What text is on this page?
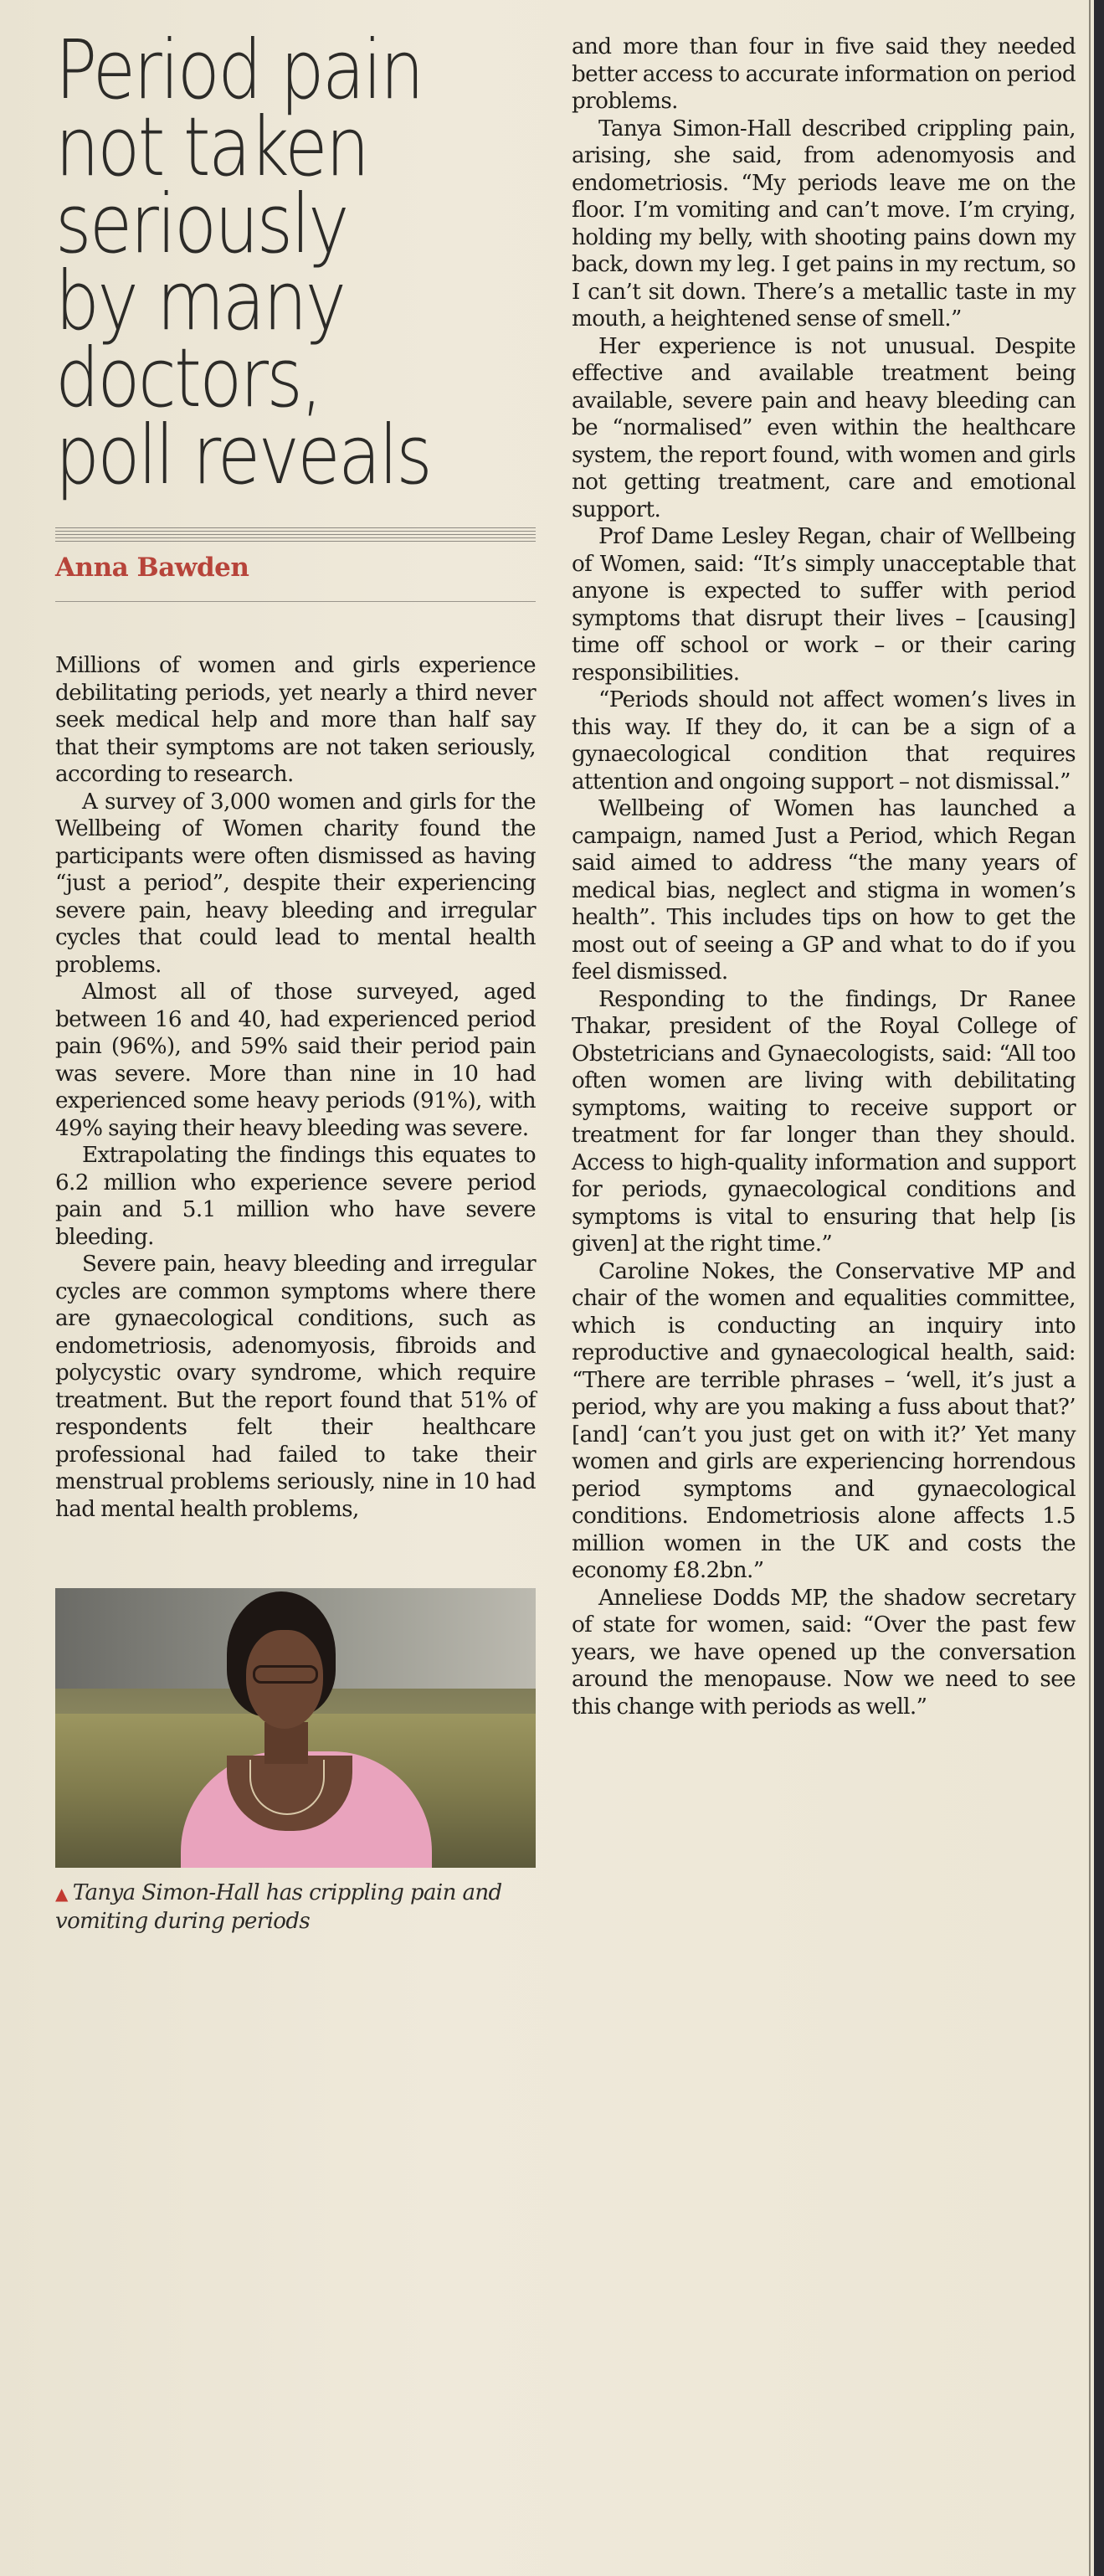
Period pain
not taken
seriously
by many
doctors,
poll reveals
Anna Bawden

Millions of women and girls experience debilitating periods, yet nearly a third never seek medical help and more than half say that their symptoms are not taken seriously, according to research.

A survey of 3,000 women and girls for the Wellbeing of Women charity found the participants were often dismissed as having “just a period”, despite their experiencing severe pain, heavy bleeding and irregular cycles that could lead to mental health problems.

Almost all of those surveyed, aged between 16 and 40, had experienced period pain (96%), and 59% said their period pain was severe. More than nine in 10 had experienced some heavy periods (91%), with 49% saying their heavy bleeding was severe.

Extrapolating the findings this equates to 6.2 million who experience severe period pain and 5.1 million who have severe bleeding.

Severe pain, heavy bleeding and irregular cycles are common symptoms where there are gynaecological conditions, such as endometriosis, adenomyosis, fibroids and polycystic ovary syndrome, which require treatment. But the report found that 51% of respondents felt their healthcare professional had failed to take their menstrual problems seriously, nine in 10 had had mental health problems,

▲ Tanya Simon-Hall has crippling pain and vomiting during periods

and more than four in five said they needed better access to accurate information on period problems.

Tanya Simon-Hall described crippling pain, arising, she said, from adenomyosis and endometriosis. “My periods leave me on the floor. I’m vomiting and can’t move. I’m crying, holding my belly, with shooting pains down my back, down my leg. I get pains in my rectum, so I can’t sit down. There’s a metallic taste in my mouth, a heightened sense of smell.”

Her experience is not unusual. Despite effective and available treatment being available, severe pain and heavy bleeding can be “normalised” even within the healthcare system, the report found, with women and girls not getting treatment, care and emotional support.

Prof Dame Lesley Regan, chair of Wellbeing of Women, said: “It’s simply unacceptable that anyone is expected to suffer with period symptoms that disrupt their lives – [causing] time off school or work – or their caring responsibilities.

“Periods should not affect women’s lives in this way. If they do, it can be a sign of a gynaecological condition that requires attention and ongoing support – not dismissal.”

Wellbeing of Women has launched a campaign, named Just a Period, which Regan said aimed to address “the many years of medical bias, neglect and stigma in women’s health”. This includes tips on how to get the most out of seeing a GP and what to do if you feel dismissed.

Responding to the findings, Dr Ranee Thakar, president of the Royal College of Obstetricians and Gynaecologists, said: “All too often women are living with debilitating symptoms, waiting to receive support or treatment for far longer than they should. Access to high-quality information and support for periods, gynaecological conditions and symptoms is vital to ensuring that help [is given] at the right time.”

Caroline Nokes, the Conservative MP and chair of the women and equalities committee, which is conducting an inquiry into reproductive and gynaecological health, said: “There are terrible phrases – ‘well, it’s just a period, why are you making a fuss about that?’ [and] ‘can’t you just get on with it?’ Yet many women and girls are experiencing horrendous period symptoms and gynaecological conditions. Endometriosis alone affects 1.5 million women in the UK and costs the economy £8.2bn.”

Anneliese Dodds MP, the shadow secretary of state for women, said: “Over the past few years, we have opened up the conversation around the menopause. Now we need to see this change with periods as well.”
